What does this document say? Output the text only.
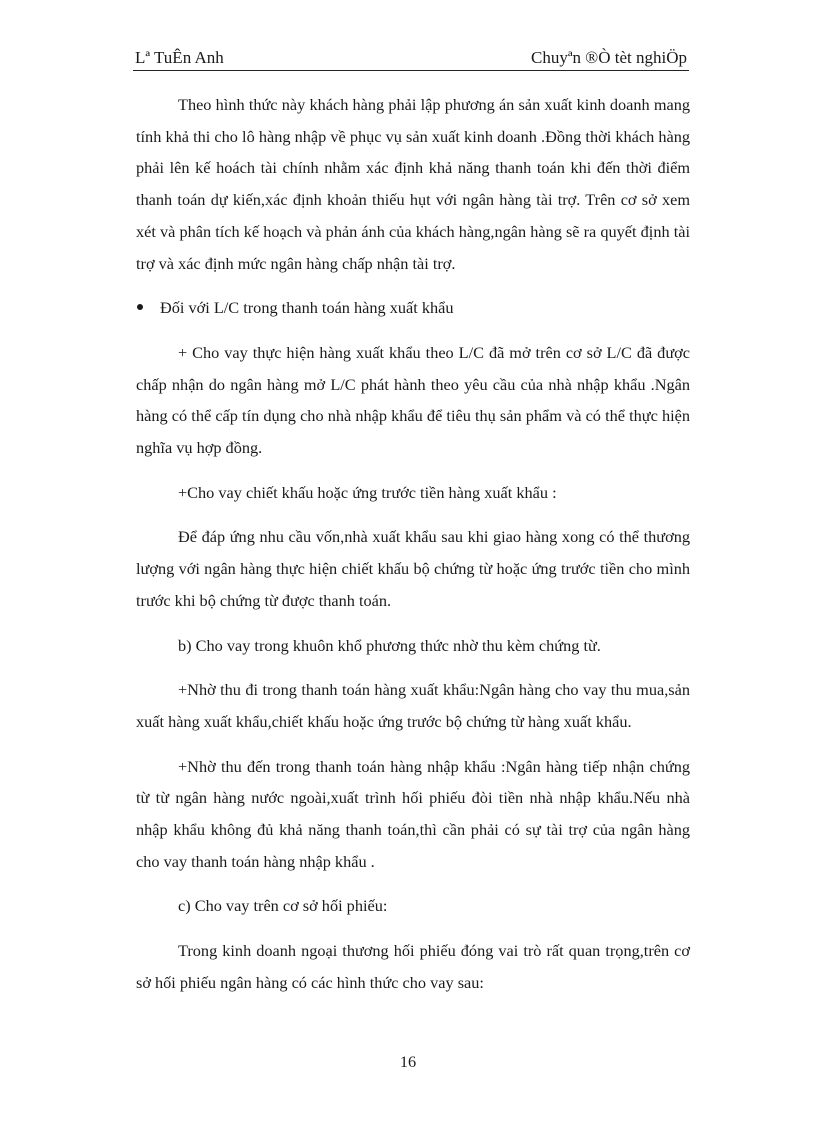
Lª TuÊn Anh	Chuyªn ®Ò tèt nghiÖp

Theo hình thức này khách hàng phải lập phương án sản xuất kinh doanh mang tính khả thi cho lô hàng nhập về phục vụ sản xuất kinh doanh .Đồng thời khách hàng phải lên kế hoách tài chính nhằm xác định khả năng thanh toán khi đến thời điểm thanh toán dự kiến,xác định khoản thiếu hụt với ngân hàng tài trợ. Trên cơ sở xem xét và phân tích kế hoạch và phản ánh của khách hàng,ngân hàng sẽ ra quyết định tài trợ và xác định mức ngân hàng chấp nhận tài trợ.

Đối với L/C trong thanh toán hàng xuất khẩu

+ Cho vay thực hiện hàng xuất khẩu theo L/C đã mở trên cơ sở L/C đã được chấp nhận do ngân hàng mở L/C phát hành theo yêu cầu của nhà nhập khẩu .Ngân hàng có thể cấp tín dụng cho nhà nhập khẩu để tiêu thụ sản phẩm và có thể thực hiện nghĩa vụ hợp đồng.

+Cho vay chiết khấu hoặc ứng trước tiền hàng xuất khẩu :

Để đáp ứng nhu cầu vốn,nhà xuất khẩu sau khi giao hàng xong có thể thương lượng với ngân hàng thực hiện chiết khấu bộ chứng từ hoặc ứng trước tiền cho mình trước khi bộ chứng từ được thanh toán.

b) Cho vay trong khuôn khổ phương thức nhờ thu kèm chứng từ.

+Nhờ thu đi trong thanh toán hàng xuất khẩu:Ngân hàng cho vay thu mua,sản xuất hàng xuất khẩu,chiết khấu hoặc ứng trước bộ chứng từ hàng xuất khẩu.

+Nhờ thu đến trong thanh toán hàng nhập khẩu :Ngân hàng tiếp nhận chứng từ từ ngân hàng nước ngoài,xuất trình hối phiếu đòi tiền nhà nhập khẩu.Nếu nhà nhập khẩu không đủ khả năng thanh toán,thì cần phải có sự tài trợ của ngân hàng cho vay thanh toán hàng nhập khẩu .

c) Cho vay trên cơ sở hối phiếu:

Trong kinh doanh ngoại thương hối phiếu đóng vai trò rất quan trọng,trên cơ sở hối phiếu ngân hàng có các hình thức cho vay sau:

16
